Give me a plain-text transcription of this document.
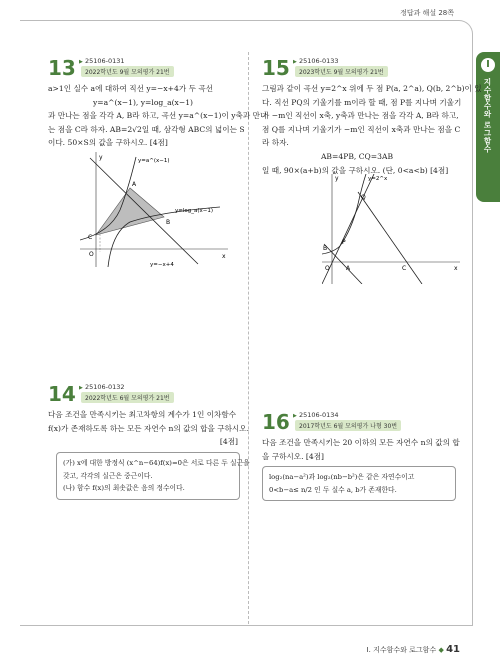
정답과 해설 28쪽
I
지수함수와 로그함수
13 ▶ 25106-0131
2022학년도 9월 모의평가 21번

a>1인 실수 a에 대하여 직선 y=−x+4가 두 곡선

y=a^(x−1), y=log_a(x−1)

과 만나는 점을 각각 A, B라 하고, 곡선 y=a^(x−1)이 y축과 만나

는 점을 C라 하자. AB=2√2일 때, 삼각형 ABC의 넓이는 S

이다. 50×S의 값을 구하시오. [4점]

y
x
O
A
B
C
y=a^(x−1)
y=log_a(x−1)
y=−x+4
14 ▶ 25106-0132
2022학년도 6월 모의평가 21번

다음 조건을 만족시키는 최고차항의 계수가 1인 이차함수

f(x)가 존재하도록 하는 모든 자연수 n의 값의 합을 구하시오.

[4점]

(가) x에 대한 방정식 (x^n−64)f(x)=0은 서로 다른 두 실근을

갖고, 각각의 실근은 중근이다.

(나) 함수 f(x)의 최솟값은 음의 정수이다.

15 ▶ 25106-0133
2023학년도 9월 모의평가 21번

그림과 같이 곡선 y=2^x 위에 두 점 P(a, 2^a), Q(b, 2^b)이 있

다. 직선 PQ의 기울기를 m이라 할 때, 점 P를 지나며 기울기

가 −m인 직선이 x축, y축과 만나는 점을 각각 A, B라 하고,

점 Q를 지나며 기울기가 −m인 직선이 x축과 만나는 점을 C

라 하자.

AB=4PB, CQ=3AB

일 때, 90×(a+b)의 값을 구하시오. (단, 0<a<b) [4점]

y
x
O
y=2^x
Q
P
B
A	C
16 ▶ 25106-0134
2017학년도 6월 모의평가 나형 30번

다음 조건을 만족시키는 20 이하의 모든 자연수 n의 값의 합

을 구하시오. [4점]

log₂(na−a²)과 log₂(nb−b²)은 같은 자연수이고

0<b−a≤ n/2 인 두 실수 a, b가 존재한다.

I. 지수함수와 로그함수 ◆ 41
